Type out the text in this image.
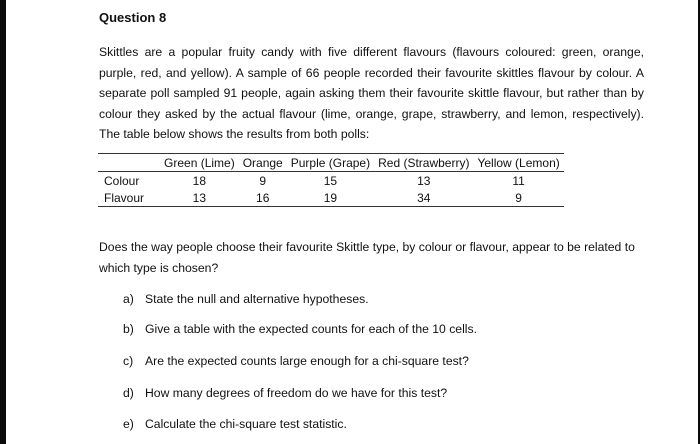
Question 8

Skittles are a popular fruity candy with five different flavours (flavours coloured: green, orange, purple, red, and yellow). A sample of 66 people recorded their favourite skittles flavour by colour. A separate poll sampled 91 people, again asking them their favourite skittle flavour, but rather than by colour they asked by the actual flavour (lime, orange, grape, strawberry, and lemon, respectively). The table below shows the results from both polls:

	Green (Lime)	Orange	Purple (Grape)	Red (Strawberry)	Yellow (Lemon)
Colour	18	9	15	13	11
Flavour	13	16	19	34	9

Does the way people choose their favourite Skittle type, by colour or flavour, appear to be related to which type is chosen?

a) State the null and alternative hypotheses.
b) Give a table with the expected counts for each of the 10 cells.
c) Are the expected counts large enough for a chi-square test?
d) How many degrees of freedom do we have for this test?
e) Calculate the chi-square test statistic.
